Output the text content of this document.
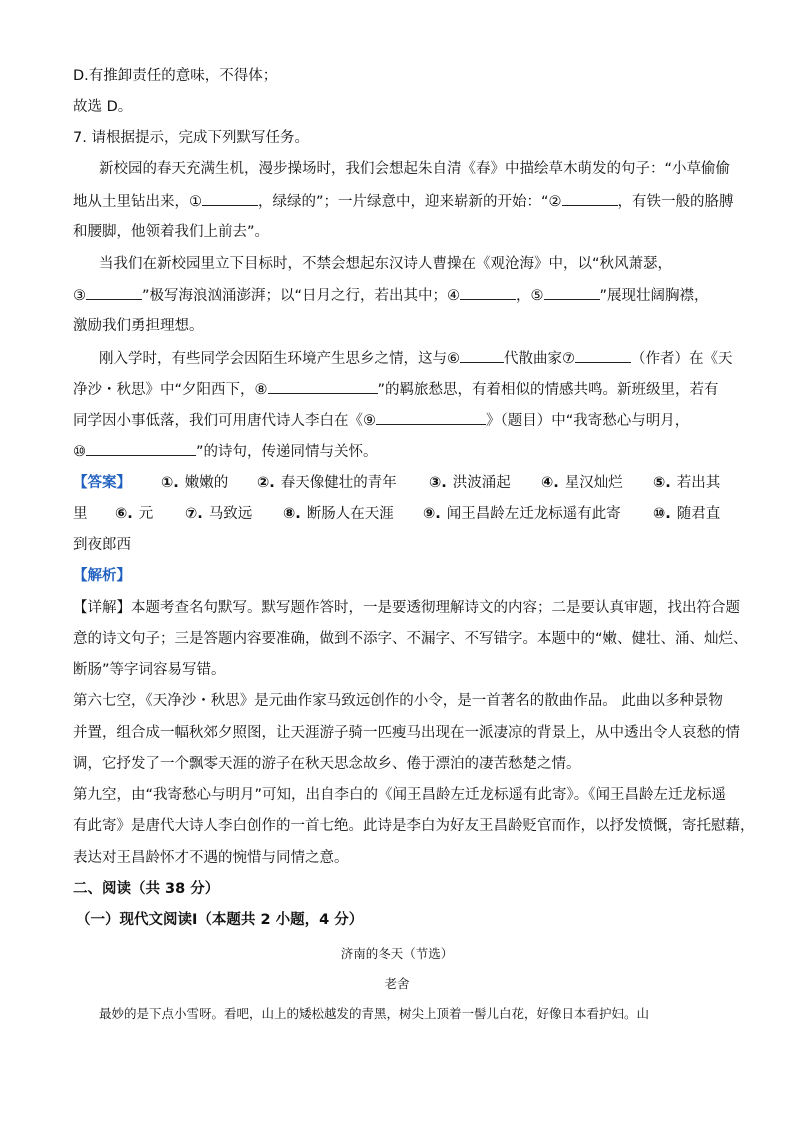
D.有推卸责任的意味，不得体；
故选 D。
7. 请根据提示，完成下列默写任务。
新校园的春天充满生机，漫步操场时，我们会想起朱自清《春》中描绘草木萌发的句子：“小草偷偷
地从土里钻出来，①	，绿绿的”；一片绿意中，迎来崭新的开始：“②	，有铁一般的胳膊
和腰脚，他领着我们上前去”。
当我们在新校园里立下目标时，不禁会想起东汉诗人曹操在《观沧海》中，以“秋风萧瑟，
③	”极写海浪汹涌澎湃；以“日月之行，若出其中；④	，⑤	”展现壮阔胸襟，
激励我们勇担理想。
刚入学时，有些同学会因陌生环境产生思乡之情，这与⑥	代散曲家⑦	（作者）在《天
净沙・秋思》中“夕阳西下，⑧	”的羁旅愁思，有着相似的情感共鸣。新班级里，若有
同学因小事低落，我们可用唐代诗人李白在《⑨	》（题目）中“我寄愁心与明月，
⑩	”的诗句，传递同情与关怀。
【答案】 ①. 嫩嫩的 ②. 春天像健壮的青年 ③. 洪波涌起 ④. 星汉灿烂 ⑤. 若出其
里 ⑥. 元 ⑦. 马致远 ⑧. 断肠人在天涯 ⑨. 闻王昌龄左迁龙标遥有此寄 ⑩. 随君直
到夜郎西
【解析】
【详解】本题考查名句默写。默写题作答时，一是要透彻理解诗文的内容；二是要认真审题，找出符合题
意的诗文句子；三是答题内容要准确，做到不添字、不漏字、不写错字。本题中的“嫩、健壮、涌、灿烂、
断肠”等字词容易写错。
第六七空，《天净沙・秋思》是元曲作家马致远创作的小令，是一首著名的散曲作品。 此曲以多种景物
并置，组合成一幅秋郊夕照图，让天涯游子骑一匹瘦马出现在一派凄凉的背景上，从中透出令人哀愁的情
调，它抒发了一个飘零天涯的游子在秋天思念故乡、倦于漂泊的凄苦愁楚之情。
第九空，由“我寄愁心与明月”可知，出自李白的《闻王昌龄左迁龙标遥有此寄》。《闻王昌龄左迁龙标遥
有此寄》是唐代大诗人李白创作的一首七绝。此诗是李白为好友王昌龄贬官而作，以抒发愤慨，寄托慰藉，
表达对王昌龄怀才不遇的惋惜与同情之意。
二、阅读（共 38 分）
（一）现代文阅读Ⅰ（本题共 2 小题，4 分）
济南的冬天（节选）
老舍
最妙的是下点小雪呀。看吧，山上的矮松越发的青黑，树尖上顶着一髻儿白花，好像日本看护妇。山
